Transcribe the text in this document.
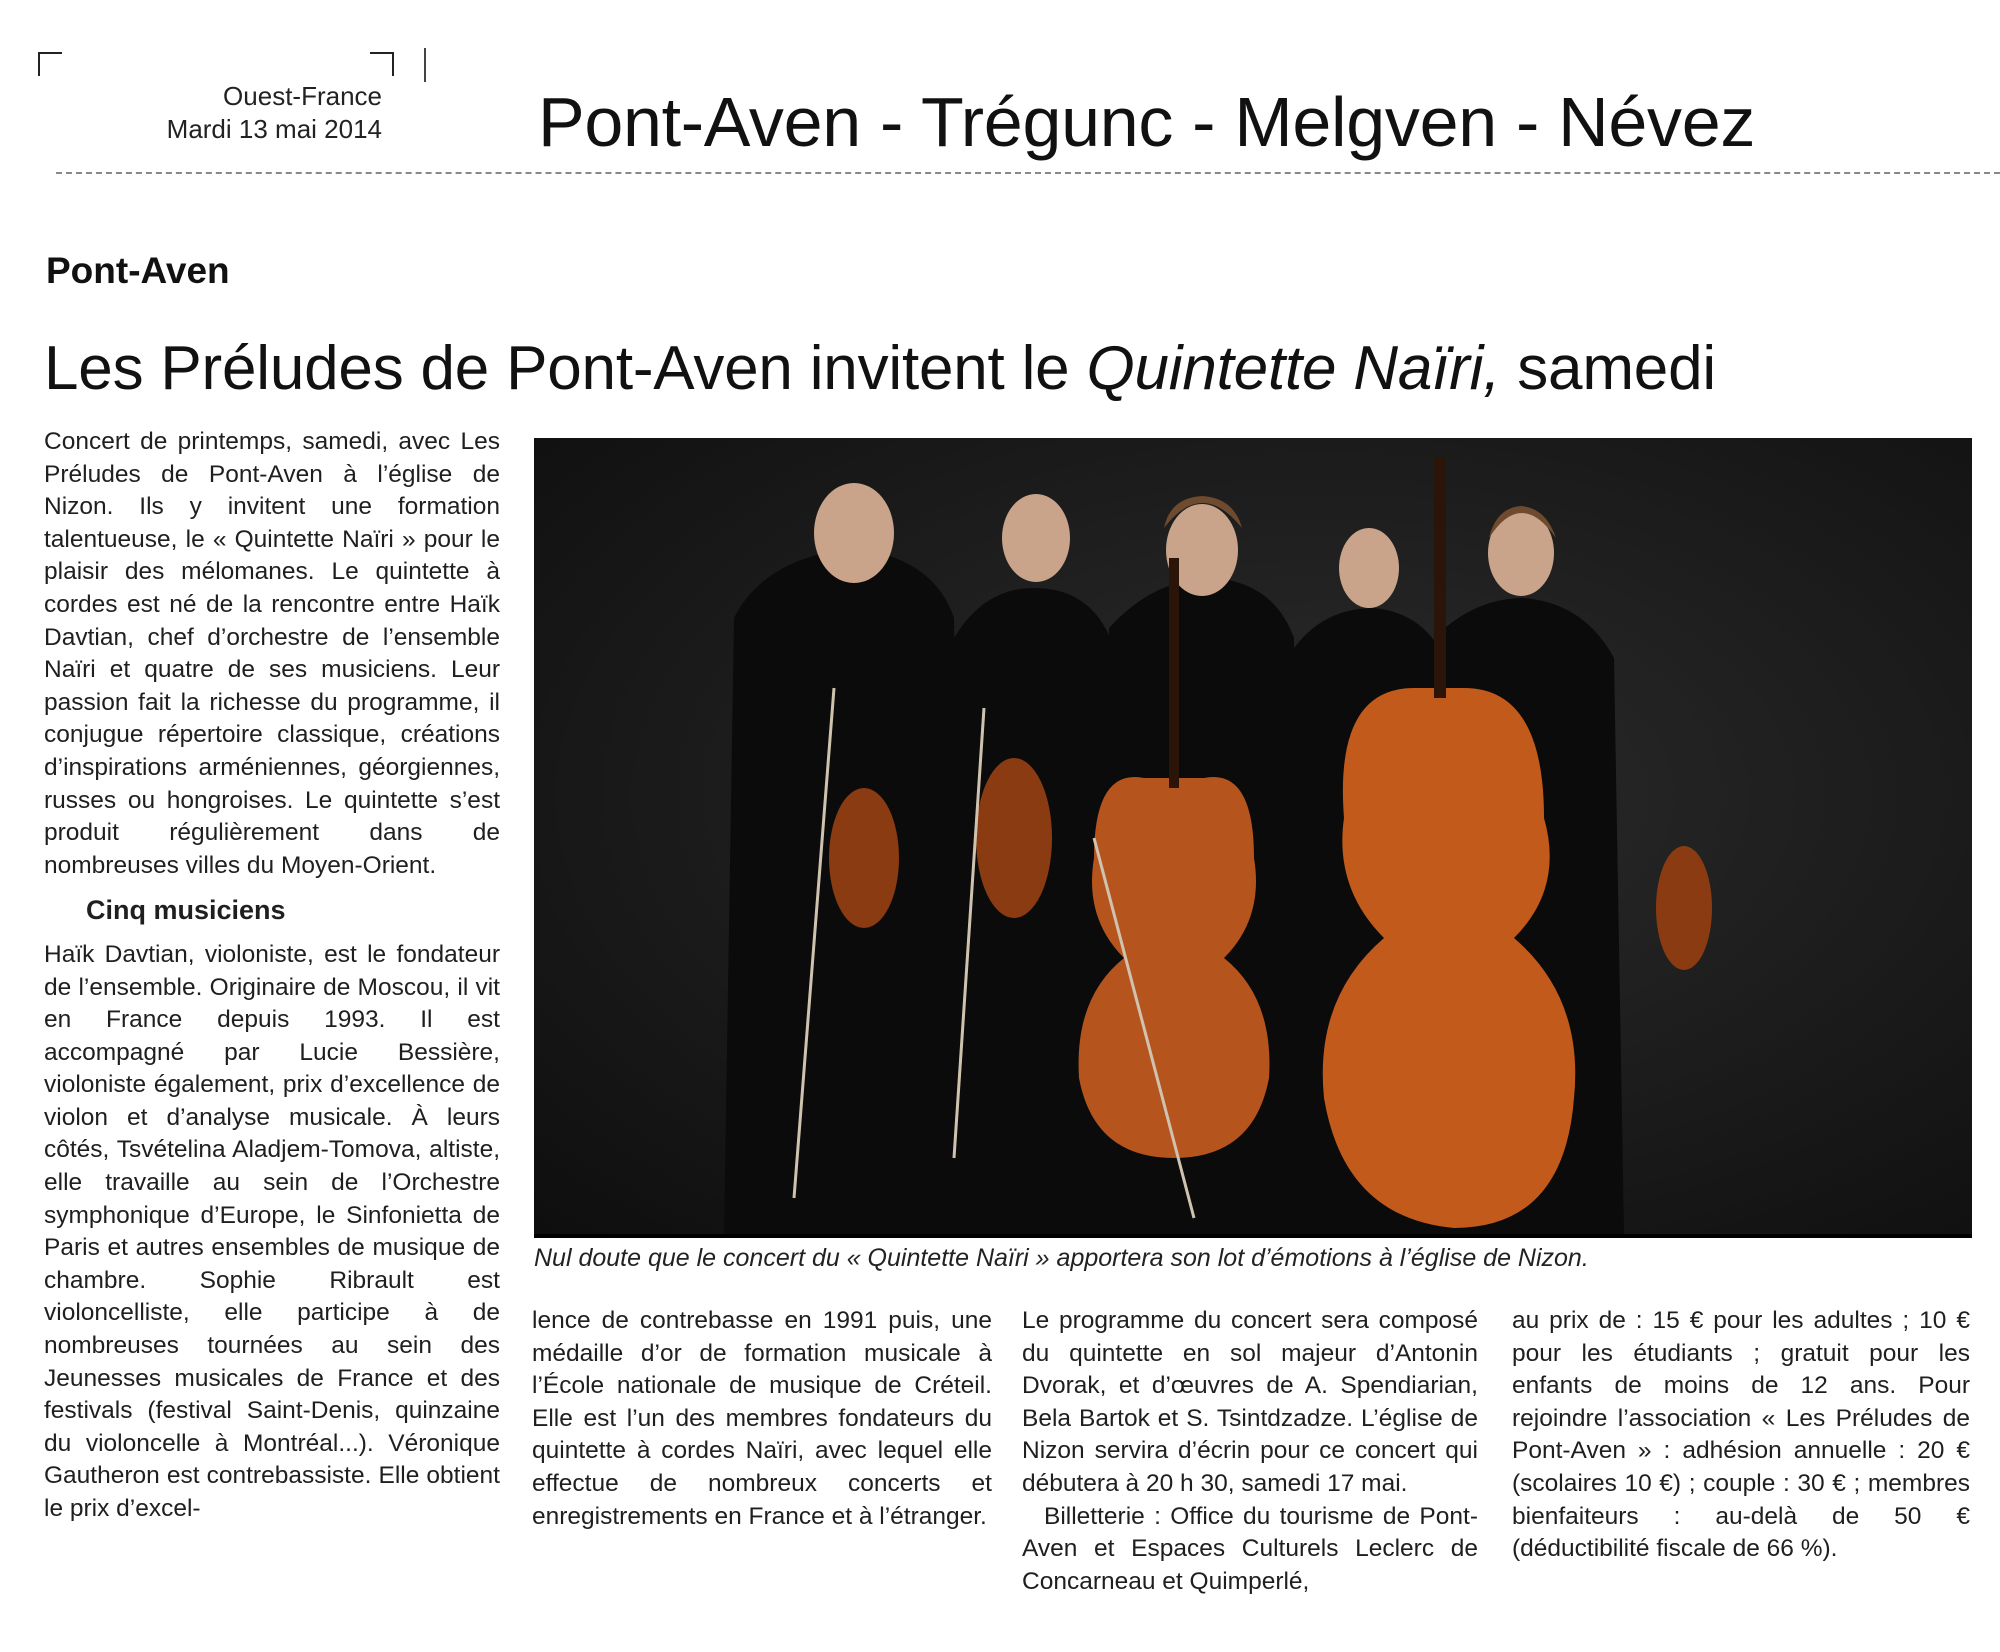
Ouest-France
Mardi 13 mai 2014 Pont-Aven - Trégunc - Melgven - Névez
Pont-Aven
Les Préludes de Pont-Aven invitent le Quintette Naïri, samedi

Concert de printemps, samedi, avec Les Préludes de Pont-Aven à l’église de Nizon. Ils y invitent une formation talentueuse, le « Quintette Naïri » pour le plaisir des mélomanes. Le quintette à cordes est né de la rencontre entre Haïk Davtian, chef d’orchestre de l’ensemble Naïri et quatre de ses musiciens. Leur passion fait la richesse du programme, il conjugue répertoire classique, créations d’inspirations arméniennes, géorgiennes, russes ou hongroises. Le quintette s’est produit régulièrement dans de nombreuses villes du Moyen-Orient.

Cinq musiciens

Haïk Davtian, violoniste, est le fondateur de l’ensemble. Originaire de Moscou, il vit en France depuis 1993. Il est accompagné par Lucie Bessière, violoniste également, prix d’excellence de violon et d’analyse musicale. À leurs côtés, Tsvételina Aladjem-Tomova, altiste, elle travaille au sein de l’Orchestre symphonique d’Europe, le Sinfonietta de Paris et autres ensembles de musique de chambre. Sophie Ribrault est violoncelliste, elle participe à de nombreuses tournées au sein des Jeunesses musicales de France et des festivals (festival Saint-Denis, quinzaine du violoncelle à Montréal...). Véronique Gautheron est contrebassiste. Elle obtient le prix d’excel-

Nul doute que le concert du « Quintette Naïri » apportera son lot d’émotions à l’église de Nizon.

lence de contrebasse en 1991 puis, une médaille d’or de formation musicale à l’École nationale de musique de Créteil. Elle est l’un des membres fondateurs du quintette à cordes Naïri, avec lequel elle effectue de nombreux concerts et enregistrements en France et à l’étranger.

Le programme du concert sera composé du quintette en sol majeur d’Antonin Dvorak, et d’œuvres de A. Spendiarian, Bela Bartok et S. Tsintdzadze. L’église de Nizon servira d’écrin pour ce concert qui débutera à 20 h 30, samedi 17 mai.

Billetterie : Office du tourisme de Pont-Aven et Espaces Culturels Leclerc de Concarneau et Quimperlé,

au prix de : 15 € pour les adultes ; 10 € pour les étudiants ; gratuit pour les enfants de moins de 12 ans. Pour rejoindre l’association « Les Préludes de Pont-Aven » : adhésion annuelle : 20 € (scolaires 10 €) ; couple : 30 € ; membres bienfaiteurs : au-delà de 50 € (déductibilité fiscale de 66 %).
